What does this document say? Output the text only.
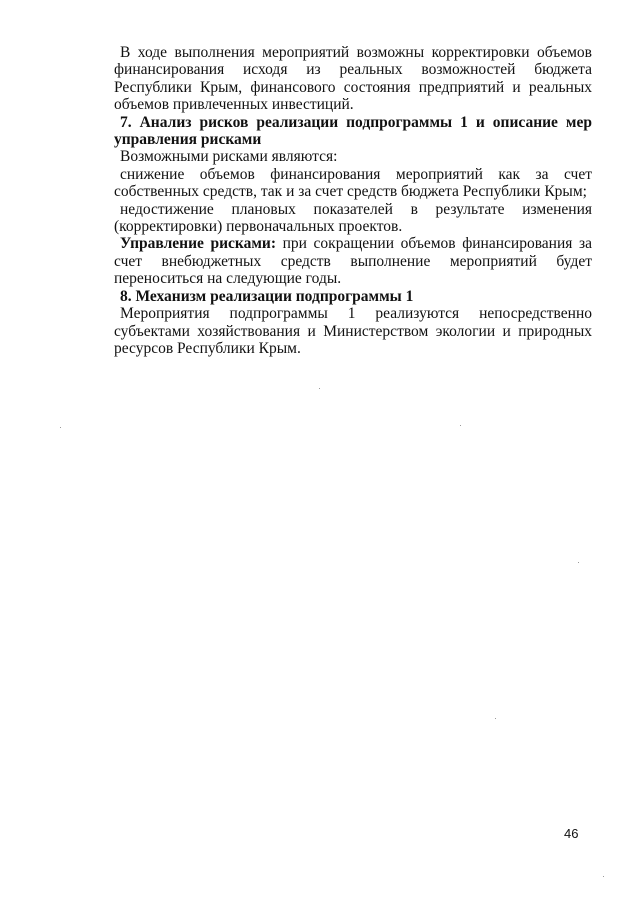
В ходе выполнения мероприятий возможны корректировки объемов финансирования исходя из реальных возможностей бюджета Республики Крым, финансового состояния предприятий и реальных объемов привлеченных инвестиций.

7. Анализ рисков реализации подпрограммы 1 и описание мер управления рисками

Возможными рисками являются:

снижение объемов финансирования мероприятий как за счет собственных средств, так и за счет средств бюджета Республики Крым;

недостижение плановых показателей в результате изменения (корректировки) первоначальных проектов.

Управление рисками: при сокращении объемов финансирования за счет внебюджетных средств выполнение мероприятий будет переноситься на следующие годы.

8. Механизм реализации подпрограммы 1

Мероприятия подпрограммы 1 реализуются непосредственно субъектами хозяйствования и Министерством экологии и природных ресурсов Республики Крым.

46
